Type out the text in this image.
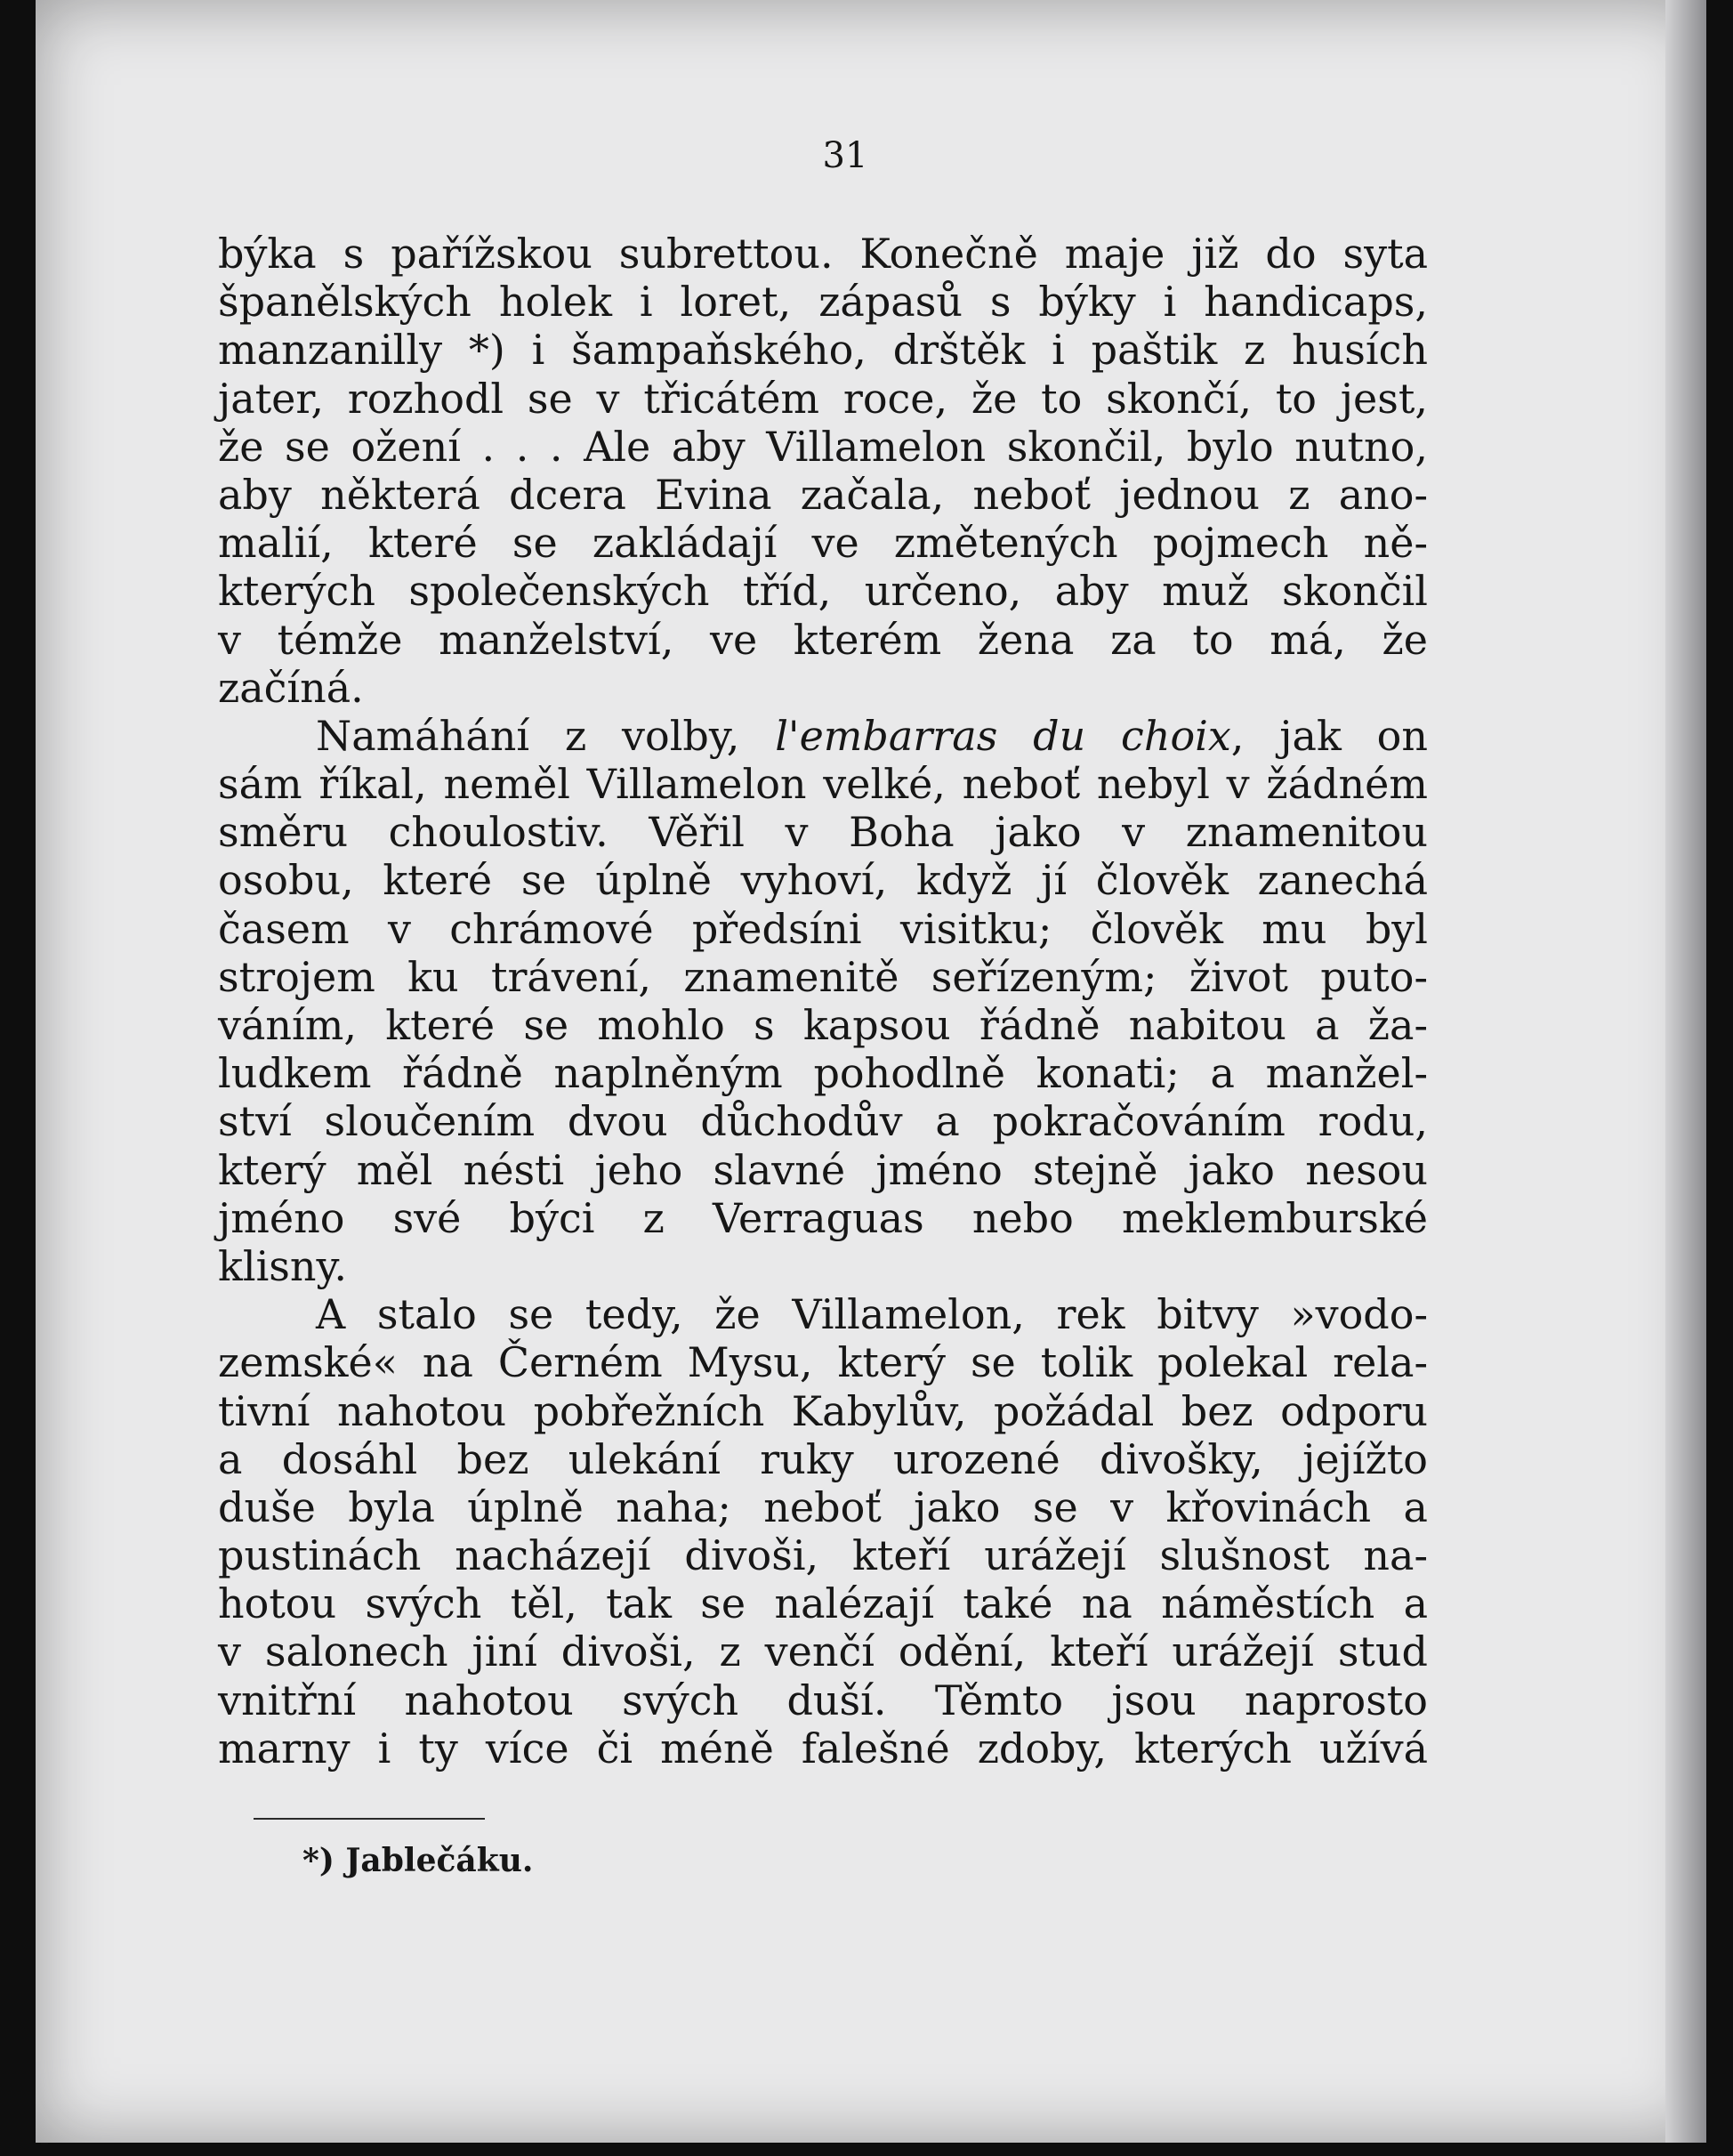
31
býka s pařížskou subrettou. Konečně maje již do syta
španělských holek i loret, zápasů s býky i handicaps,
manzanilly *) i šampaňského, drštěk i paštik z husích
jater, rozhodl se v třicátém roce, že to skončí, to jest,
že se ožení . . . Ale aby Villamelon skončil, bylo nutno,
aby některá dcera Evina začala, neboť jednou z ano-
malií, které se zakládají ve změtených pojmech ně-
kterých společenských tříd, určeno, aby muž skončil
v témže manželství, ve kterém žena za to má, že
začíná.
Namáhání z volby, l'embarras du choix, jak on
sám říkal, neměl Villamelon velké, neboť nebyl v žádném
směru choulostiv. Věřil v Boha jako v znamenitou
osobu, které se úplně vyhoví, když jí člověk zanechá
časem v chrámové předsíni visitku; člověk mu byl
strojem ku trávení, znamenitě seřízeným; život puto-
váním, které se mohlo s kapsou řádně nabitou a ža-
ludkem řádně naplněným pohodlně konati; a manžel-
ství sloučením dvou důchodův a pokračováním rodu,
který měl nésti jeho slavné jméno stejně jako nesou
jméno své býci z Verraguas nebo meklemburské
klisny.
A stalo se tedy, že Villamelon, rek bitvy »vodo-
zemské« na Černém Mysu, který se tolik polekal rela-
tivní nahotou pobřežních Kabylův, požádal bez odporu
a dosáhl bez ulekání ruky urozené divošky, jejížto
duše byla úplně naha; neboť jako se v křovinách a
pustinách nacházejí divoši, kteří urážejí slušnost na-
hotou svých těl, tak se nalézají také na náměstích a
v salonech jiní divoši, z venčí odění, kteří urážejí stud
vnitřní nahotou svých duší. Těmto jsou naprosto
marny i ty více či méně falešné zdoby, kterých užívá
*) Jablečáku.
